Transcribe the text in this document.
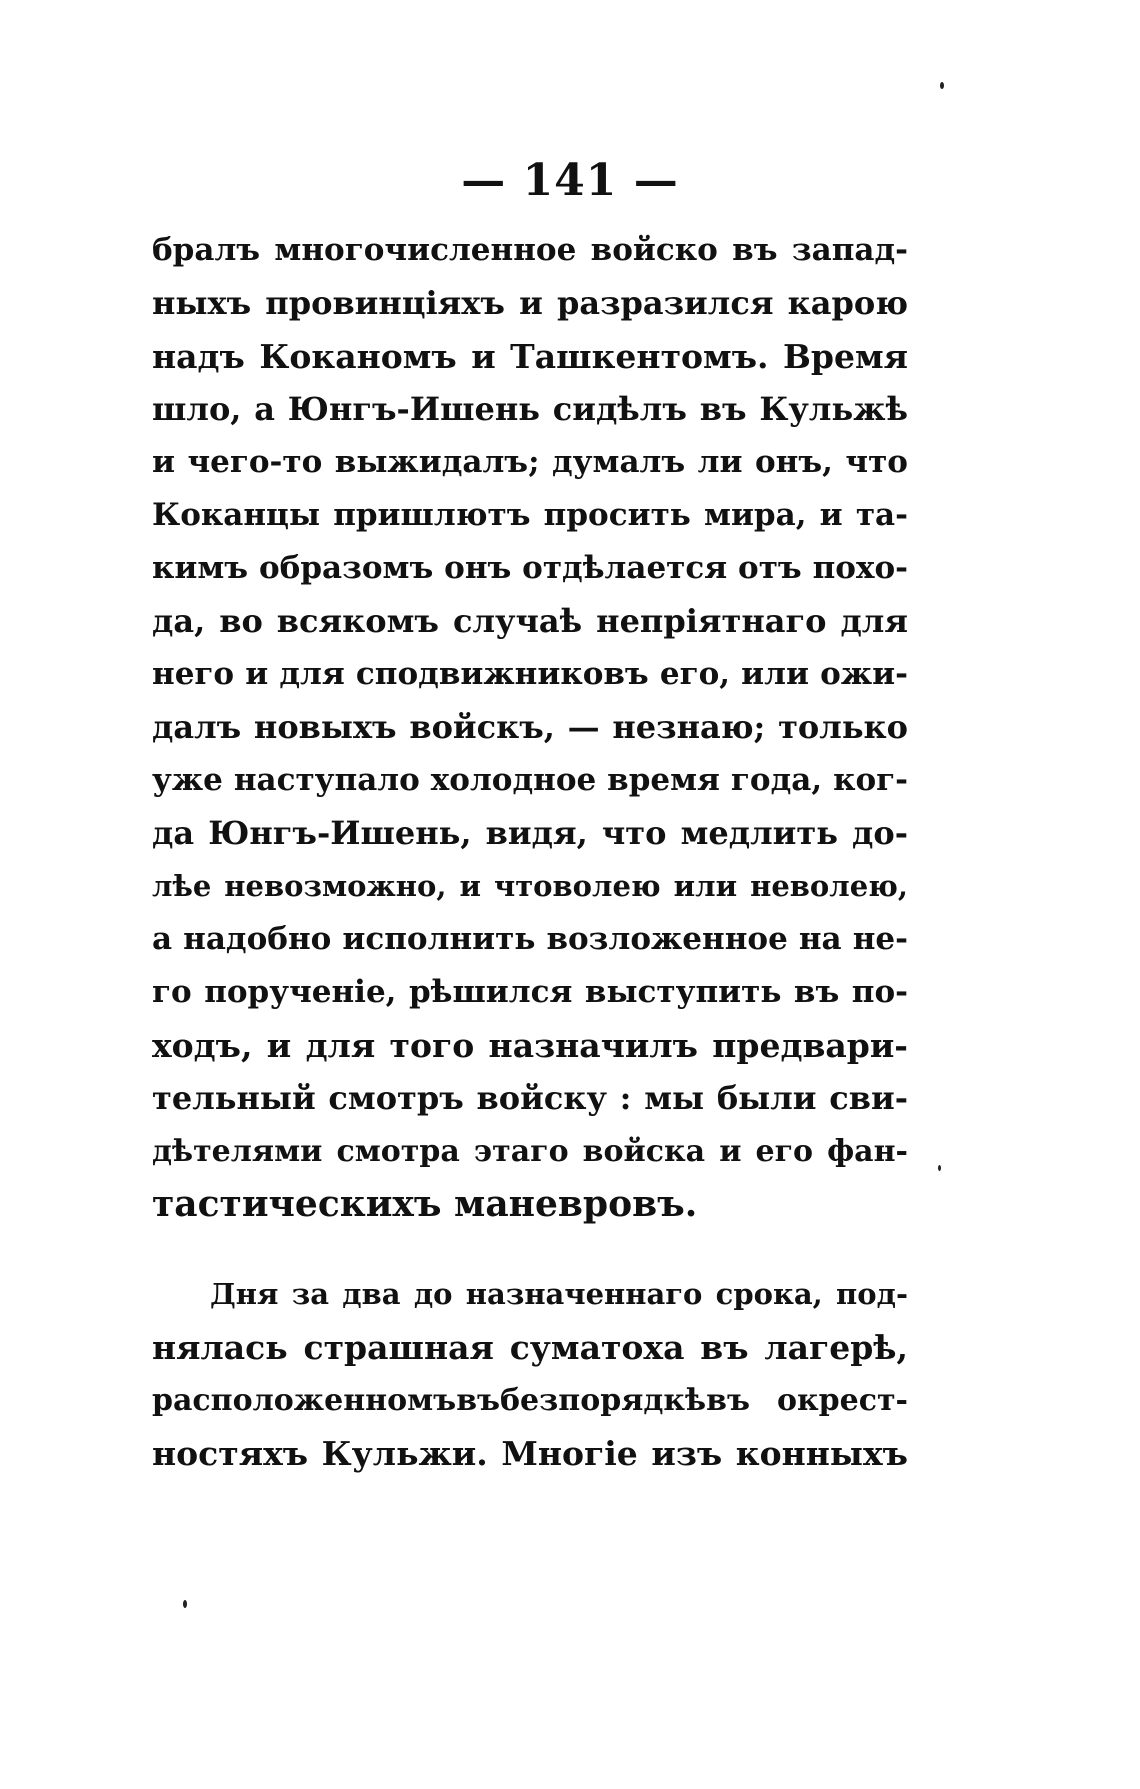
— 141 —
бралъ многочисленное войско въ запад-
ныхъ провинціяхъ и разразился карою
надъ Коканомъ и Ташкентомъ. Время
шло, а Юнгъ-Ишень сидѣлъ въ Кульжѣ
и чего-то выжидалъ; думалъ ли онъ, что
Коканцы пришлютъ просить мира, и та-
кимъ образомъ онъ отдѣлается отъ похо-
да, во всякомъ случаѣ непріятнаго для
него и для сподвижниковъ его, или ожи-
далъ новыхъ войскъ, — незнаю; только
уже наступало холодное время года, ког-
да Юнгъ-Ишень, видя, что медлить до-
лѣе невозможно, и чтоволею или неволею,
а надобно исполнить возложенное на не-
го порученіе, рѣшился выступить въ по-
ходъ, и для того назначилъ предвари-
тельный смотръ войску : мы были сви-
дѣтелями смотра этаго войска и его фан-
тастическихъ маневровъ.
Дня за два до назначеннаго срока, под-
нялась страшная суматоха въ лагерѣ,
расположенномъвъбезпорядкѣвъ окрест-
ностяхъ Кульжи. Многіе изъ конныхъ
